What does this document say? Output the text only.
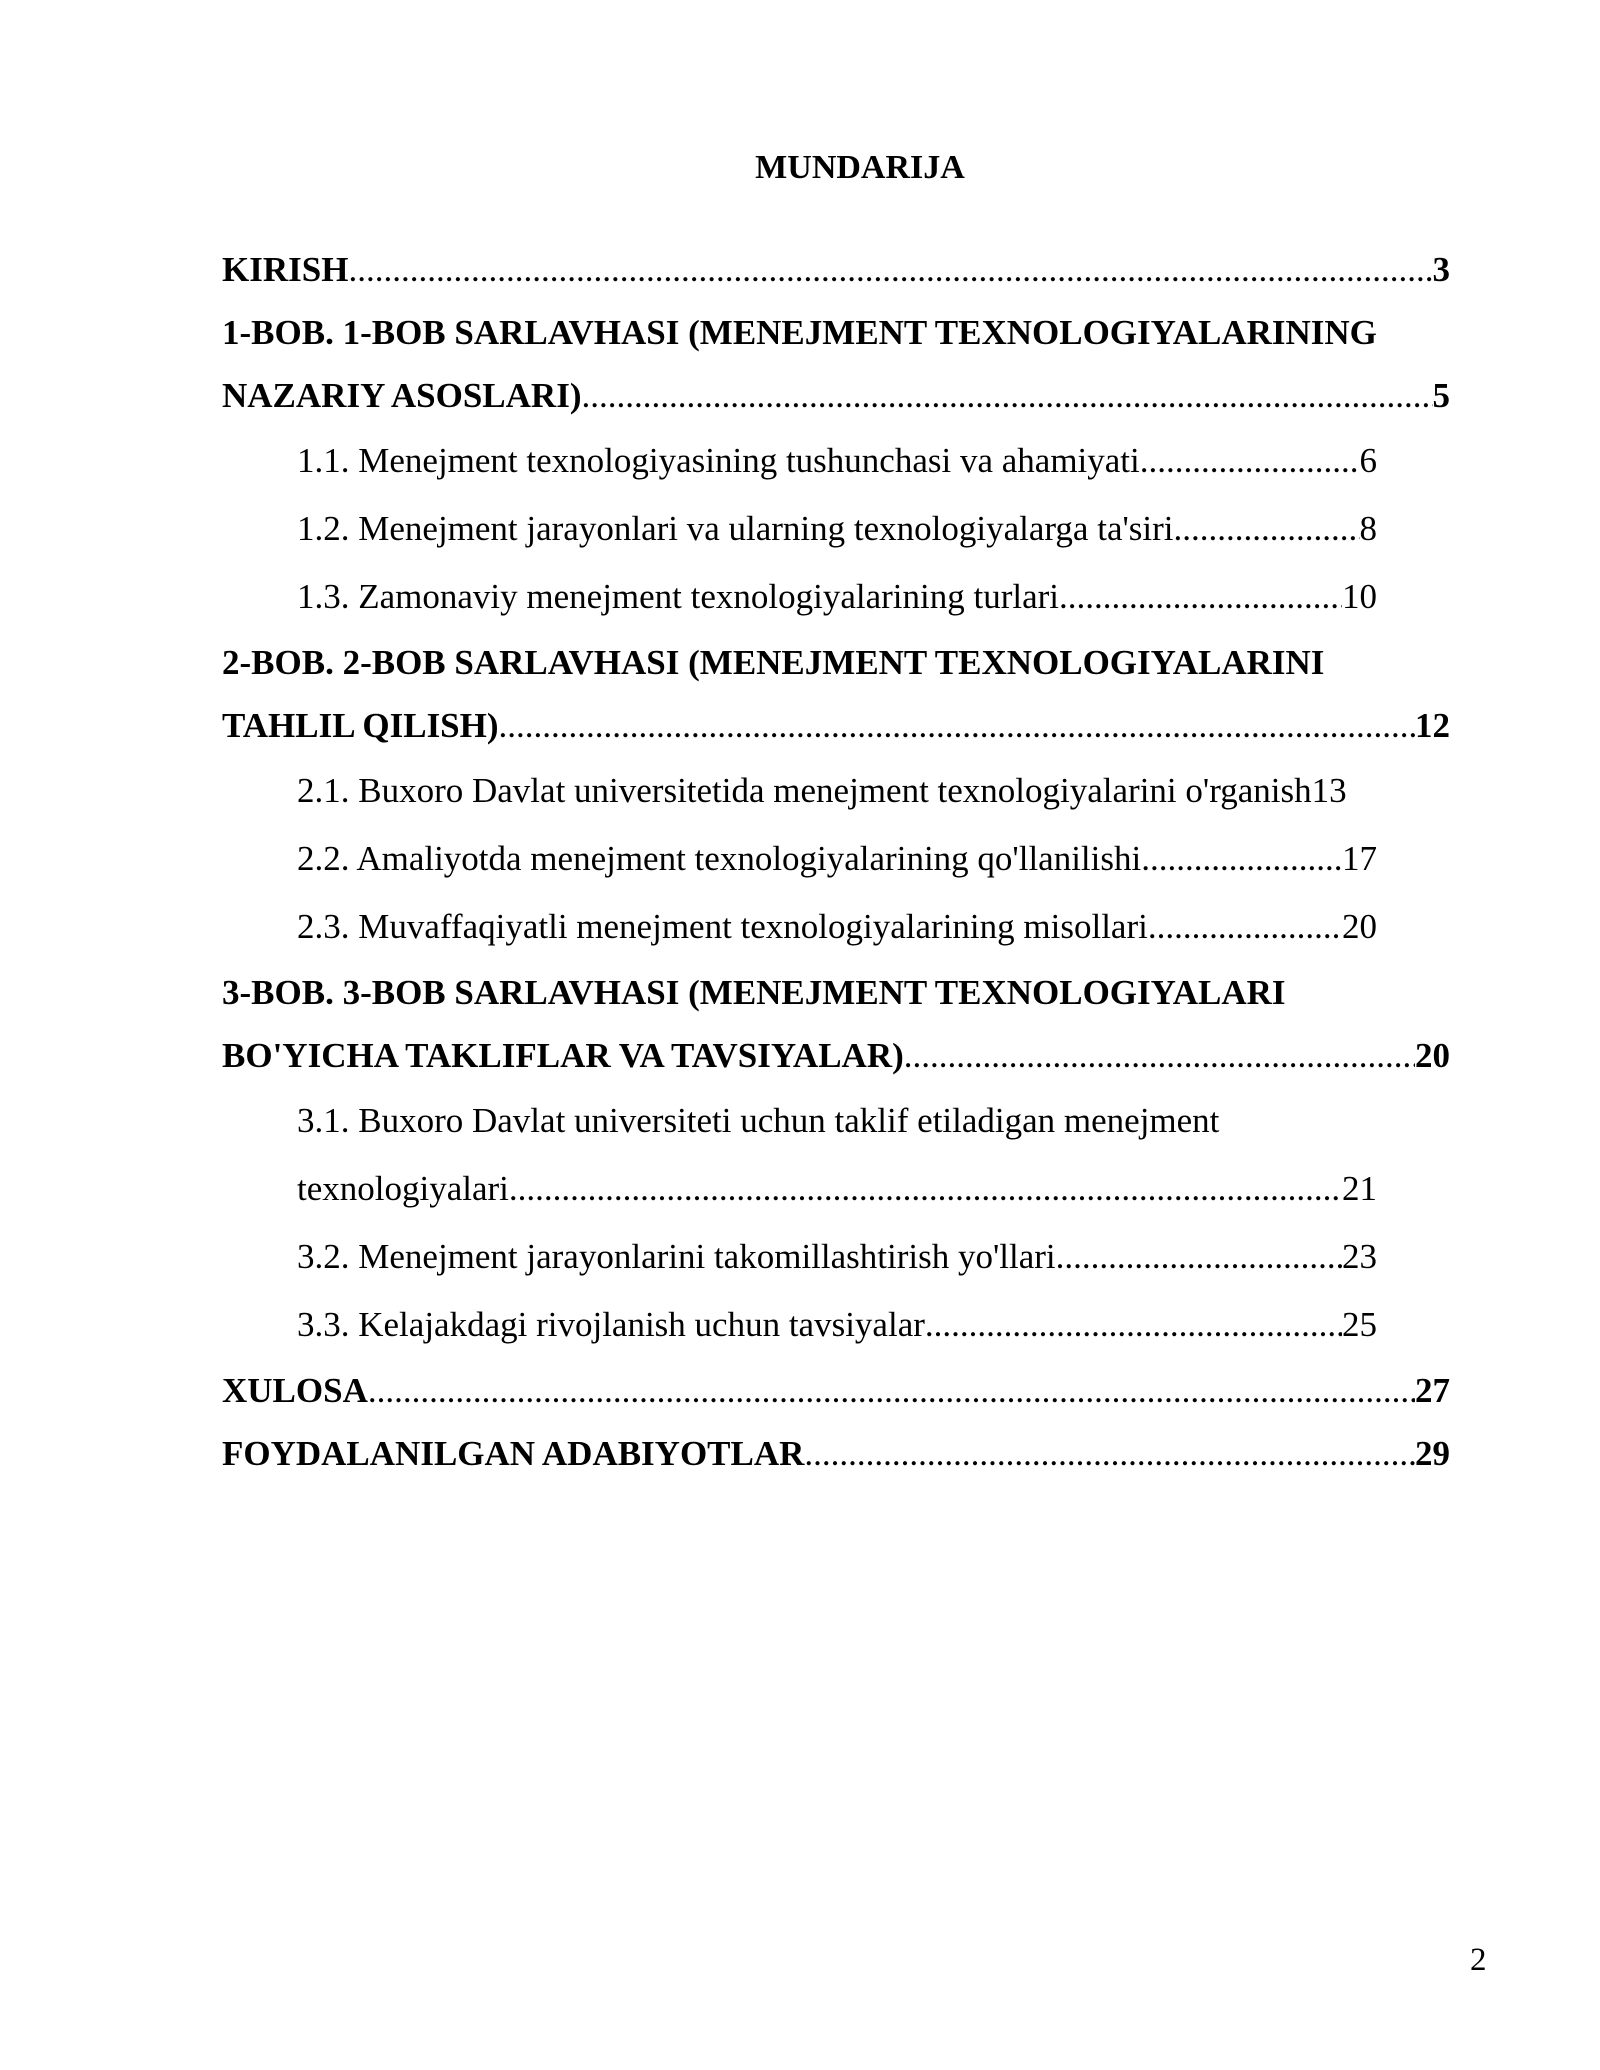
MUNDARIJA
KIRISH .....	3
1-BOB. 1-BOB SARLAVHASI (MENEJMENT TEXNOLOGIYALARINING
NAZARIY ASOSLARI) .....	5
1.1. Menejment texnologiyasining tushunchasi va ahamiyati .....	6
1.2. Menejment jarayonlari va ularning texnologiyalarga ta'siri .....	8
1.3. Zamonaviy menejment texnologiyalarining turlari .....	10
2-BOB. 2-BOB SARLAVHASI (MENEJMENT TEXNOLOGIYALARINI
TAHLIL QILISH) .....	12
2.1. Buxoro Davlat universitetida menejment texnologiyalarini o'rganish 13
2.2. Amaliyotda menejment texnologiyalarining qo'llanilishi .....	17
2.3. Muvaffaqiyatli menejment texnologiyalarining misollari .....	20
3-BOB. 3-BOB SARLAVHASI (MENEJMENT TEXNOLOGIYALARI
BO'YICHA TAKLIFLAR VA TAVSIYALAR) .....	20
3.1. Buxoro Davlat universiteti uchun taklif etiladigan menejment
texnologiyalari .....	21
3.2. Menejment jarayonlarini takomillashtirish yo'llari .....	23
3.3. Kelajakdagi rivojlanish uchun tavsiyalar .....	25
XULOSA .....	27
FOYDALANILGAN ADABIYOTLAR .....	29
2
